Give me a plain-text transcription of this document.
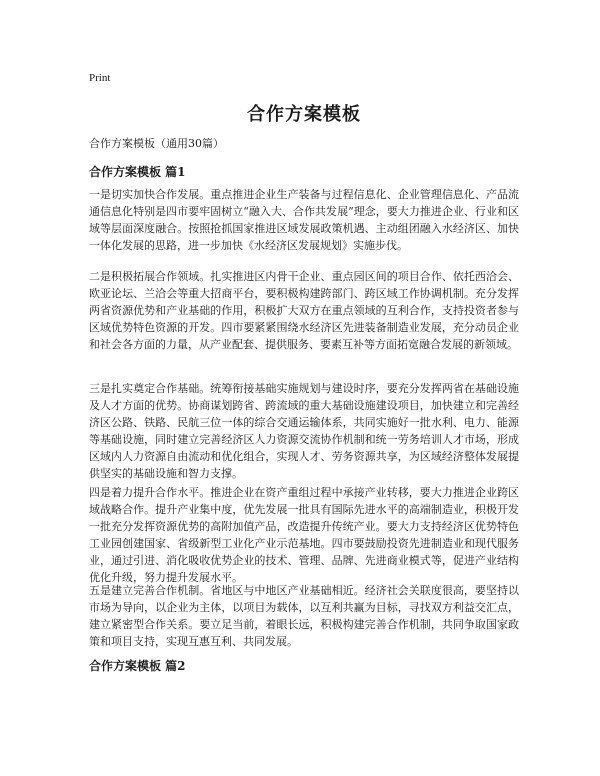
Print
合作方案模板
合作方案模板（通用30篇）
合作方案模板 篇1

一是切实加快合作发展。重点推进企业生产装备与过程信息化、企业管理信息化、产品流通信息化特别是四市要牢固树立“融入大、合作共发展”理念，要大力推进企业、行业和区域等层面深度融合。按照抢抓国家推进区域发展政策机遇、主动组团融入水经济区、加快一体化发展的思路，进一步加快《水经济区发展规划》实施步伐。

二是积极拓展合作领域。扎实推进区内骨干企业、重点园区间的项目合作、依托西洽会、欧亚论坛、兰洽会等重大招商平台，要积极构建跨部门、跨区域工作协调机制。充分发挥两省资源优势和产业基础的作用，积极扩大双方在重点领域的互利合作，支持投资者参与区域优势特色资源的开发。四市要紧紧围绕水经济区先进装备制造业发展，充分动员企业和社会各方面的力量，从产业配套、提供服务、要素互补等方面拓宽融合发展的新领域。

三是扎实奠定合作基础。统筹衔接基础实施规划与建设时序，要充分发挥两省在基础设施及人才方面的优势。协商谋划跨省、跨流域的重大基础设施建设项目，加快建立和完善经济区公路、铁路、民航三位一体的综合交通运输体系，共同实施好一批水利、电力、能源等基础设施，同时建立完善经济区人力资源交流协作机制和统一劳务培训人才市场，形成区域内人力资源自由流动和优化组合，实现人才、劳务资源共享，为区域经济整体发展提供坚实的基础设施和智力支撑。

四是着力提升合作水平。推进企业在资产重组过程中承接产业转移，要大力推进企业跨区域战略合作。提升产业集中度，优先发展一批具有国际先进水平的高端制造业，积极开发一批充分发挥资源优势的高附加值产品，改造提升传统产业。要大力支持经济区优势特色工业园创建国家、省级新型工业化产业示范基地。四市要鼓励投资先进制造业和现代服务业，通过引进、消化吸收优势企业的技术、管理、品牌、先进商业模式等，促进产业结构优化升级，努力提升发展水平。

五是建立完善合作机制。省地区与中地区产业基础相近。经济社会关联度很高，要坚持以市场为导向，以企业为主体，以项目为载体，以互利共赢为目标，寻找双方利益交汇点，建立紧密型合作关系。要立足当前，着眼长远，积极构建完善合作机制，共同争取国家政策和项目支持，实现互惠互利、共同发展。

合作方案模板 篇2
